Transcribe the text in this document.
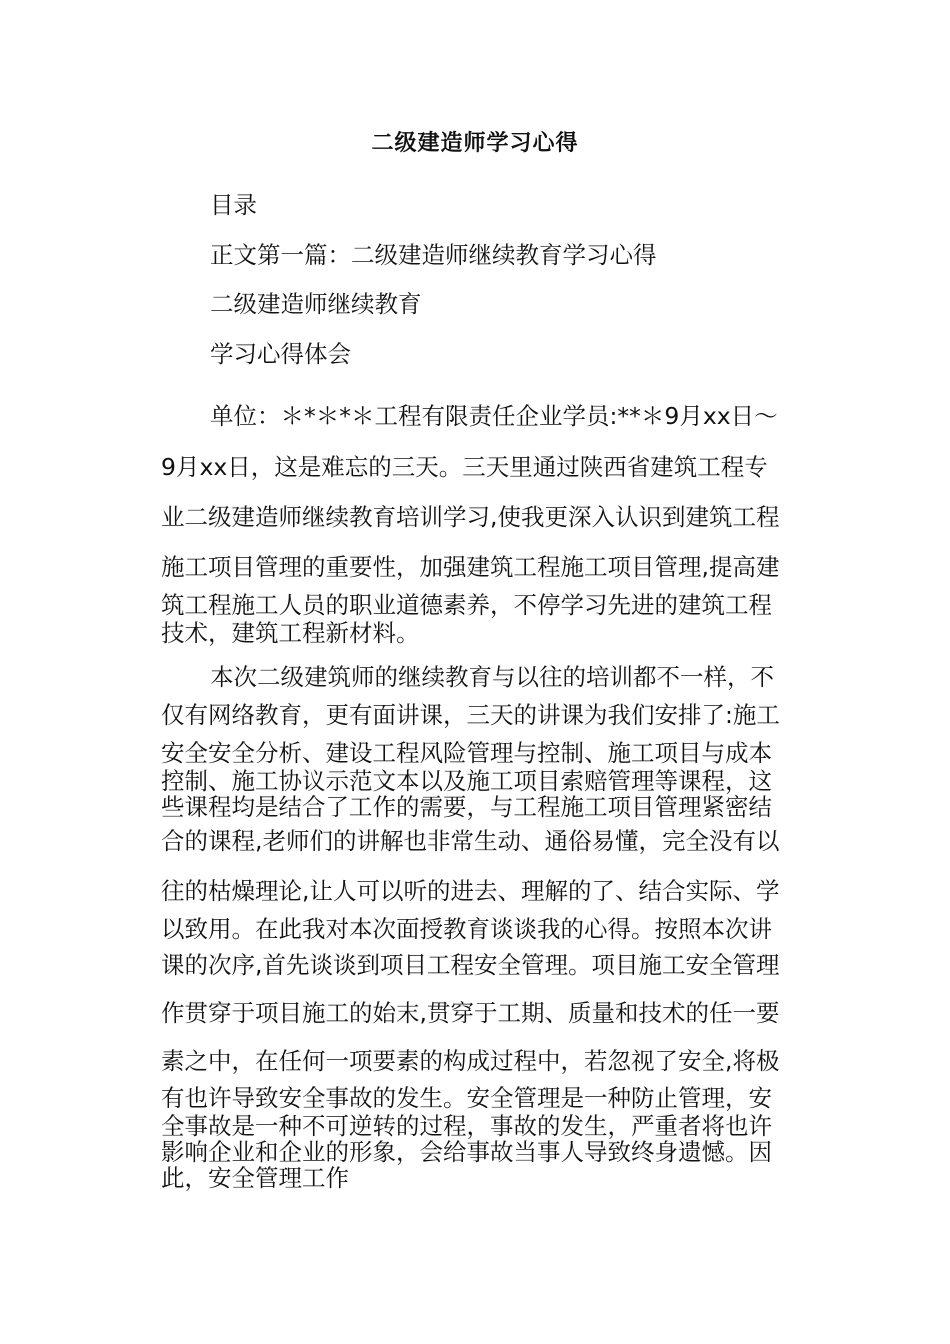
二级建造师学习心得
目录
正文第一篇：二级建造师继续教育学习心得
二级建造师继续教育
学习心得体会
单位：＊*＊*＊工程有限责任企业学员:**＊9月xx日～
9月xx日，这是难忘的三天。三天里通过陕西省建筑工程专
业二级建造师继续教育培训学习,使我更深入认识到建筑工程
施工项目管理的重要性，加强建筑工程施工项目管理,提高建
筑工程施工人员的职业道德素养，不停学习先进的建筑工程
技术，建筑工程新材料。
本次二级建筑师的继续教育与以往的培训都不一样，不
仅有网络教育，更有面讲课，三天的讲课为我们安排了:施工
安全安全分析、建设工程风险管理与控制、施工项目与成本
控制、施工协议示范文本以及施工项目索赔管理等课程，这
些课程均是结合了工作的需要，与工程施工项目管理紧密结
合的课程,老师们的讲解也非常生动、通俗易懂，完全没有以
往的枯燥理论,让人可以听的进去、理解的了、结合实际、学
以致用。在此我对本次面授教育谈谈我的心得。按照本次讲
课的次序,首先谈谈到项目工程安全管理。项目施工安全管理
作贯穿于项目施工的始末,贯穿于工期、质量和技术的任一要
素之中，在任何一项要素的构成过程中，若忽视了安全,将极
有也许导致安全事故的发生。安全管理是一种防止管理，安
全事故是一种不可逆转的过程，事故的发生，严重者将也许
影响企业和企业的形象，会给事故当事人导致终身遗憾。因
此，安全管理工作
